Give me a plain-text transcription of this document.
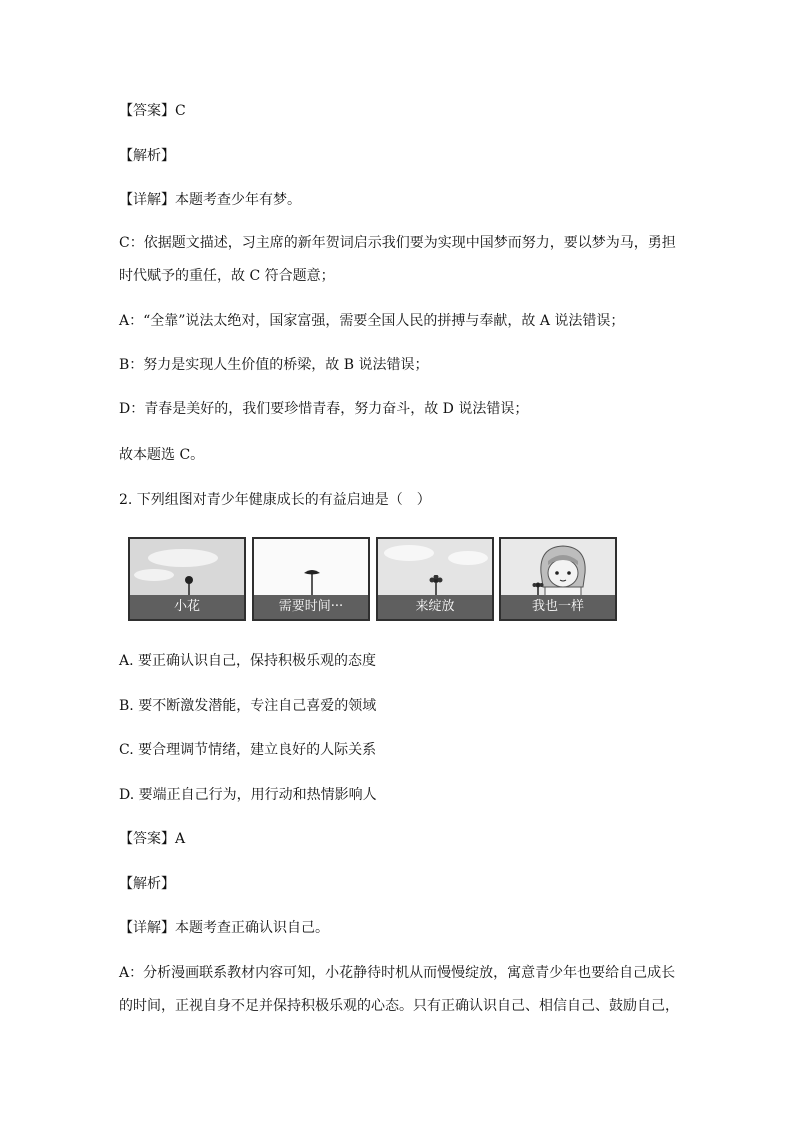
【答案】C
【解析】
【详解】本题考查少年有梦。
C：依据题文描述，习主席的新年贺词启示我们要为实现中国梦而努力，要以梦为马，勇担
时代赋予的重任，故 C 符合题意；
A：“全靠”说法太绝对，国家富强，需要全国人民的拼搏与奉献，故 A 说法错误；
B：努力是实现人生价值的桥梁，故 B 说法错误；
D：青春是美好的，我们要珍惜青春，努力奋斗，故 D 说法错误；
故本题选 C。
2. 下列组图对青少年健康成长的有益启迪是（　）
小花	需要时间···	来绽放	我也一样
A. 要正确认识自己，保持积极乐观的态度
B. 要不断激发潜能，专注自己喜爱的领域
C. 要合理调节情绪，建立良好的人际关系
D. 要端正自己行为，用行动和热情影响人
【答案】A
【解析】
【详解】本题考查正确认识自己。
A：分析漫画联系教材内容可知，小花静待时机从而慢慢绽放，寓意青少年也要给自己成长
的时间，正视自身不足并保持积极乐观的心态。只有正确认识自己、相信自己、鼓励自己，
